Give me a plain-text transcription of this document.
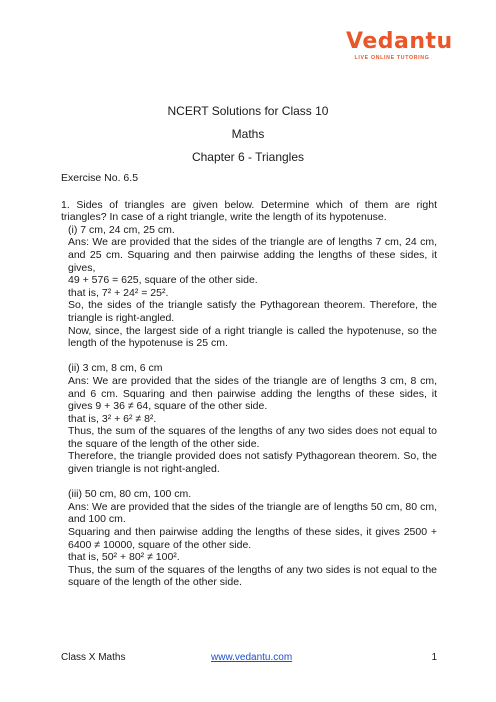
Vedantu
LIVE ONLINE TUTORING
NCERT Solutions for Class 10
Maths
Chapter 6 - Triangles

Exercise No. 6.5

1. Sides of triangles are given below. Determine which of them are right triangles? In case of a right triangle, write the length of its hypotenuse.

(i) 7 cm, 24 cm, 25 cm.

Ans: We are provided that the sides of the triangle are of lengths 7 cm, 24 cm, and 25 cm. Squaring and then pairwise adding the lengths of these sides, it gives,

49 + 576 = 625, square of the other side.

that is, 7² + 24² = 25².

So, the sides of the triangle satisfy the Pythagorean theorem. Therefore, the triangle is right-angled.

Now, since, the largest side of a right triangle is called the hypotenuse, so the length of the hypotenuse is 25 cm.

(ii) 3 cm, 8 cm, 6 cm

Ans: We are provided that the sides of the triangle are of lengths 3 cm, 8 cm, and 6 cm. Squaring and then pairwise adding the lengths of these sides, it gives 9 + 36 ≠ 64, square of the other side.

that is, 3² + 6² ≠ 8².

Thus, the sum of the squares of the lengths of any two sides does not equal to the square of the length of the other side.

Therefore, the triangle provided does not satisfy Pythagorean theorem. So, the given triangle is not right-angled.

(iii) 50 cm, 80 cm, 100 cm.

Ans: We are provided that the sides of the triangle are of lengths 50 cm, 80 cm, and 100 cm.

Squaring and then pairwise adding the lengths of these sides, it gives 2500 + 6400 ≠ 10000, square of the other side.

that is, 50² + 80² ≠ 100².

Thus, the sum of the squares of the lengths of any two sides is not equal to the square of the length of the other side.

Class X Maths	www.vedantu.com	1
